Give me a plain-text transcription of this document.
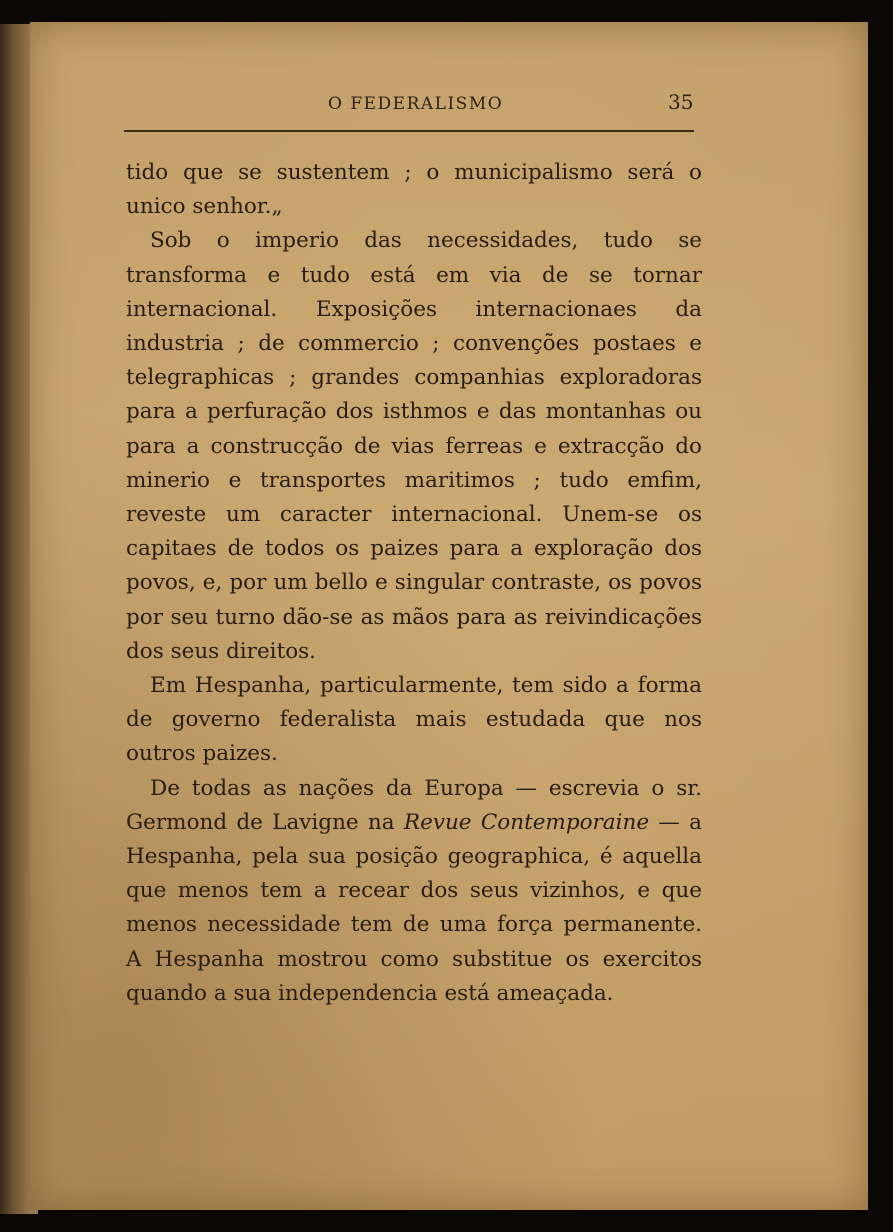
O FEDERALISMO	35

tido que se sustentem ; o municipalismo será o unico senhor.„

Sob o imperio das necessidades, tudo se transforma e tudo está em via de se tornar internacional. Exposições internacionaes da industria ; de commercio ; convenções postaes e telegraphicas ; grandes companhias exploradoras para a perfuração dos isthmos e das montanhas ou para a construcção de vias ferreas e extracção do minerio e transportes maritimos ; tudo emfim, reveste um caracter internacional. Unem-se os capitaes de todos os paizes para a exploração dos povos, e, por um bello e singular contraste, os povos por seu turno dão-se as mãos para as reivindicações dos seus direitos.

Em Hespanha, particularmente, tem sido a forma de governo federalista mais estudada que nos outros paizes.

De todas as nações da Europa — escrevia o sr. Germond de Lavigne na Revue Contemporaine — a Hespanha, pela sua posição geographica, é aquella que menos tem a recear dos seus vizinhos, e que menos necessidade tem de uma força permanente. A Hespanha mostrou como substitue os exercitos quando a sua independencia está ameaçada.
